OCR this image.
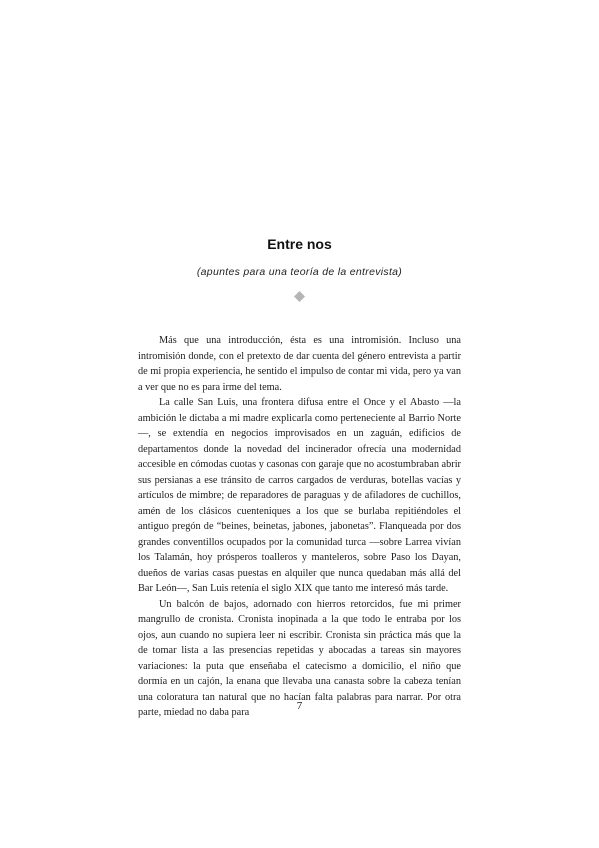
Entre nos
(apuntes para una teoría de la entrevista)

Más que una introducción, ésta es una intromisión. Incluso una intromisión donde, con el pretexto de dar cuenta del género entrevista a partir de mi propia experiencia, he sentido el impulso de contar mi vida, pero ya van a ver que no es para irme del tema.

La calle San Luis, una frontera difusa entre el Once y el Abasto —la ambición le dictaba a mi madre explicarla como perteneciente al Barrio Norte—, se extendía en negocios improvisados en un zaguán, edificios de departamentos donde la novedad del incinerador ofrecía una modernidad accesible en cómodas cuotas y casonas con garaje que no acostumbraban abrir sus persianas a ese tránsito de carros cargados de verduras, botellas vacías y artículos de mimbre; de reparadores de paraguas y de afiladores de cuchillos, amén de los clásicos cuenteniques a los que se burlaba repitiéndoles el antiguo pregón de “beines, beinetas, jabones, jabonetas”. Flanqueada por dos grandes conventillos ocupados por la comunidad turca —sobre Larrea vivían los Talamán, hoy prósperos toalleros y manteleros, sobre Paso los Dayan, dueños de varias casas puestas en alquiler que nunca quedaban más allá del Bar León—, San Luis retenía el siglo XIX que tanto me interesó más tarde.

Un balcón de bajos, adornado con hierros retorcidos, fue mi primer mangrullo de cronista. Cronista inopinada a la que todo le entraba por los ojos, aun cuando no supiera leer ni escribir. Cronista sin práctica más que la de tomar lista a las presencias repetidas y abocadas a tareas sin mayores variaciones: la puta que enseñaba el catecismo a domicilio, el niño que dormía en un cajón, la enana que llevaba una canasta sobre la cabeza tenían una coloratura tan natural que no hacían falta palabras para narrar. Por otra parte, miedad no daba para

7
